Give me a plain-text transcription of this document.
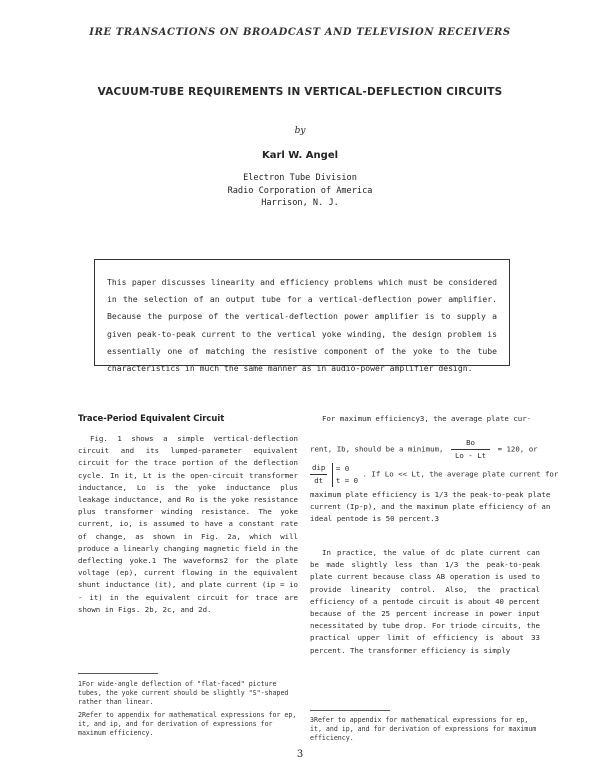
IRE TRANSACTIONS ON BROADCAST AND TELEVISION RECEIVERS
VACUUM-TUBE REQUIREMENTS IN VERTICAL-DEFLECTION CIRCUITS
by
Karl W. Angel
Electron Tube Division
Radio Corporation of America
Harrison, N. J.
This paper discusses linearity and efficiency problems which must be considered in the selection of an output tube for a vertical-deflection power amplifier. Because the purpose of the vertical-deflection power amplifier is to supply a given peak-to-peak current to the vertical yoke winding, the design problem is essentially one of matching the resistive component of the yoke to the tube characteristics in much the same manner as in audio-power amplifier design.
Trace-Period Equivalent Circuit
Fig. 1 shows a simple vertical-deflection circuit and its lumped-parameter equivalent circuit for the trace portion of the deflection cycle. In it, Lt is the open-circuit transformer inductance, Lo is the yoke inductance plus leakage inductance, and Ro is the yoke resistance plus transformer winding resistance. The yoke current, io, is assumed to have a constant rate of change, as shown in Fig. 2a, which will produce a linearly changing magnetic field in the deflecting yoke.1 The waveforms2 for the plate voltage (ep), current flowing in the equivalent shunt inductance (it), and plate current (ip = io - it) in the equivalent circuit for trace are shown in Figs. 2b, 2c, and 2d.
For maximum efficiency3, the average plate cur-
rent, Ib, should be a minimum, $\frac{Bo}{Lo - Lt} = 120$, or
dip
dt

= 0
t = 0
. If Lo << Lt, the average plate current for
maximum plate efficiency is 1/3 the peak-to-peak plate
current (Ip-p), and the maximum plate efficiency of an
ideal pentode is 50 percent.3
In practice, the value of dc plate current can be made slightly less than 1/3 the peak-to-peak plate current because class AB operation is used to provide linearity control. Also, the practical efficiency of a pentode circuit is about 40 percent because of the 25 percent increase in power input necessitated by tube drop. For triode circuits, the practical upper limit of efficiency is about 33 percent. The transformer efficiency is simply
1For wide-angle deflection of "flat-faced" picture tubes, the yoke current should be slightly "S"-shaped rather than linear.
2Refer to appendix for mathematical expressions for ep, it, and ip, and for derivation of expressions for maximum efficiency.
3Refer to appendix for mathematical expressions for ep, it, and ip, and for derivation of expressions for maximum efficiency.
3
